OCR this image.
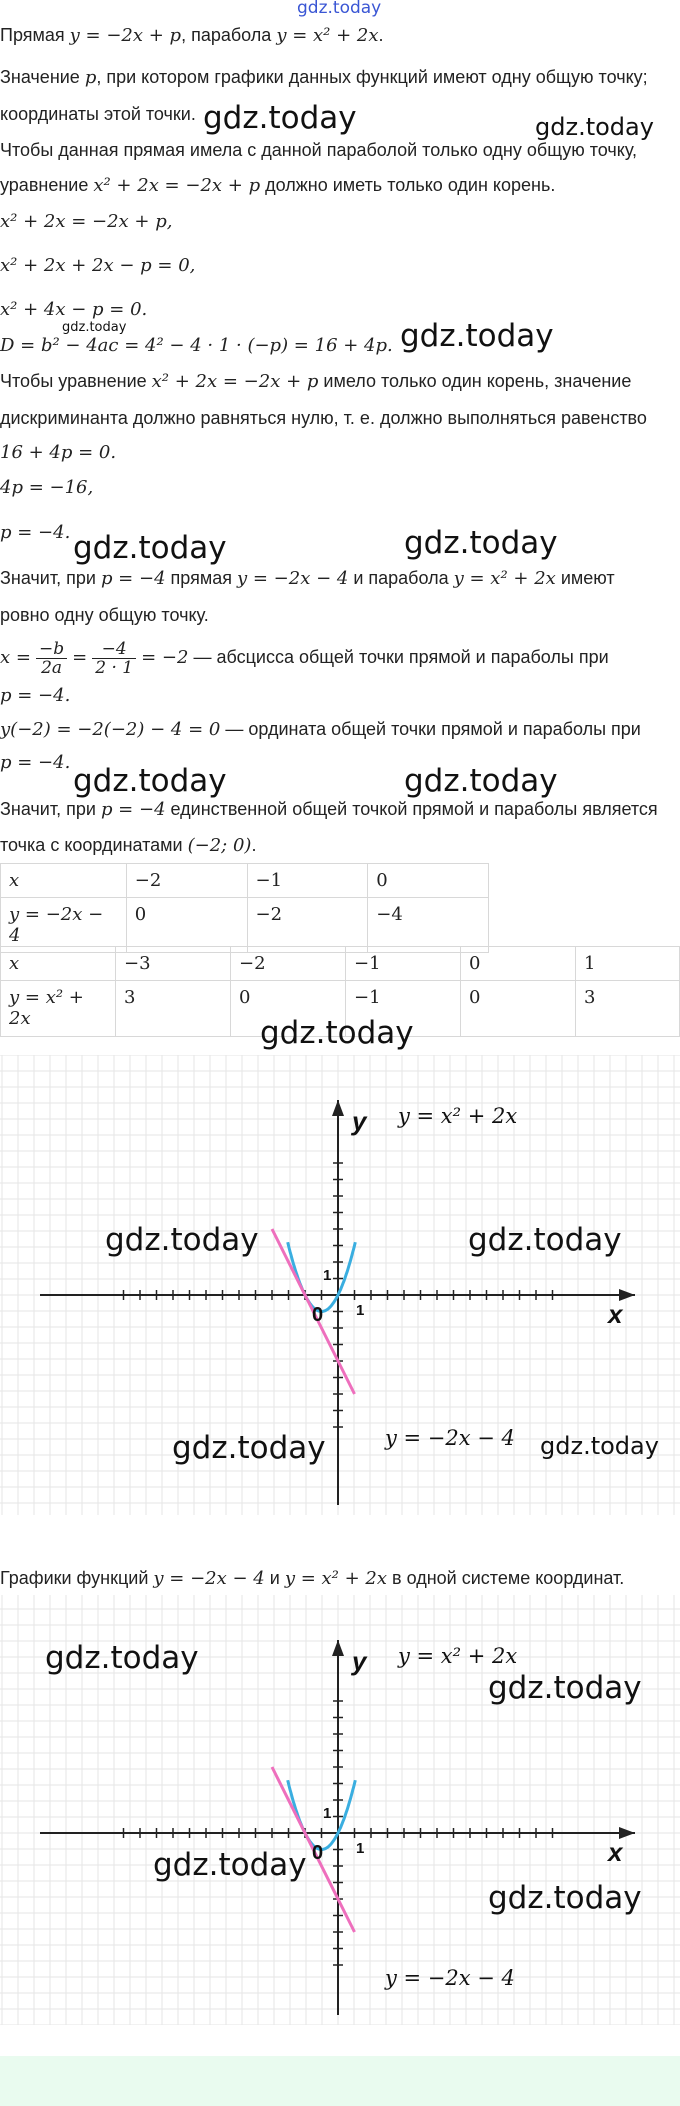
gdz.today
Прямая y = −2x + p, парабола y = x² + 2x.
Значение p, при котором графики данных функций имеют одну общую точку;
координаты этой точки. gdz.today	gdz.today
Чтобы данная прямая имела с данной параболой только одну общую точку,
уравнение x² + 2x = −2x + p должно иметь только один корень.
x² + 2x = −2x + p,
x² + 2x + 2x − p = 0,
x² + 4x − p = 0.
gdz.today
D = b² − 4ac = 4² − 4 · 1 · (−p) = 16 + 4p. gdz.today
Чтобы уравнение x² + 2x = −2x + p имело только один корень, значение
дискриминанта должно равняться нулю, т. е. должно выполняться равенство
16 + 4p = 0.
4p = −16,
p = −4. gdz.today	gdz.today
Значит, при p = −4 прямая y = −2x − 4 и парабола y = x² + 2x имеют
ровно одну общую точку.
$x = \frac{-b}{2a} = \frac{-4}{2 \cdot 1} = -2$ — абсцисса общей точки прямой и параболы при
p = −4.
y(−2) = −2(−2) − 4 = 0 — ордината общей точки прямой и параболы при
p = −4.
gdz.today	gdz.today
Значит, при p = −4 единственной общей точкой прямой и параболы является
точка с координатами (−2; 0).
x	−2	−1	0
y = −2x − 4	0	−2	−4
x	−3	−2	−1	0	1
y = x² +
2x	3	0	−1	0	3
gdz.today
y
x
0
1
1
y = x² + 2x
y = −2x − 4
gdz.today	gdz.today
gdz.today	gdz.today
Графики функций y = −2x − 4 и y = x² + 2x в одной системе координат.
y
x
0
1
1
y = x² + 2x
y = −2x − 4
gdz.today
gdz.today
gdz.today
gdz.today
